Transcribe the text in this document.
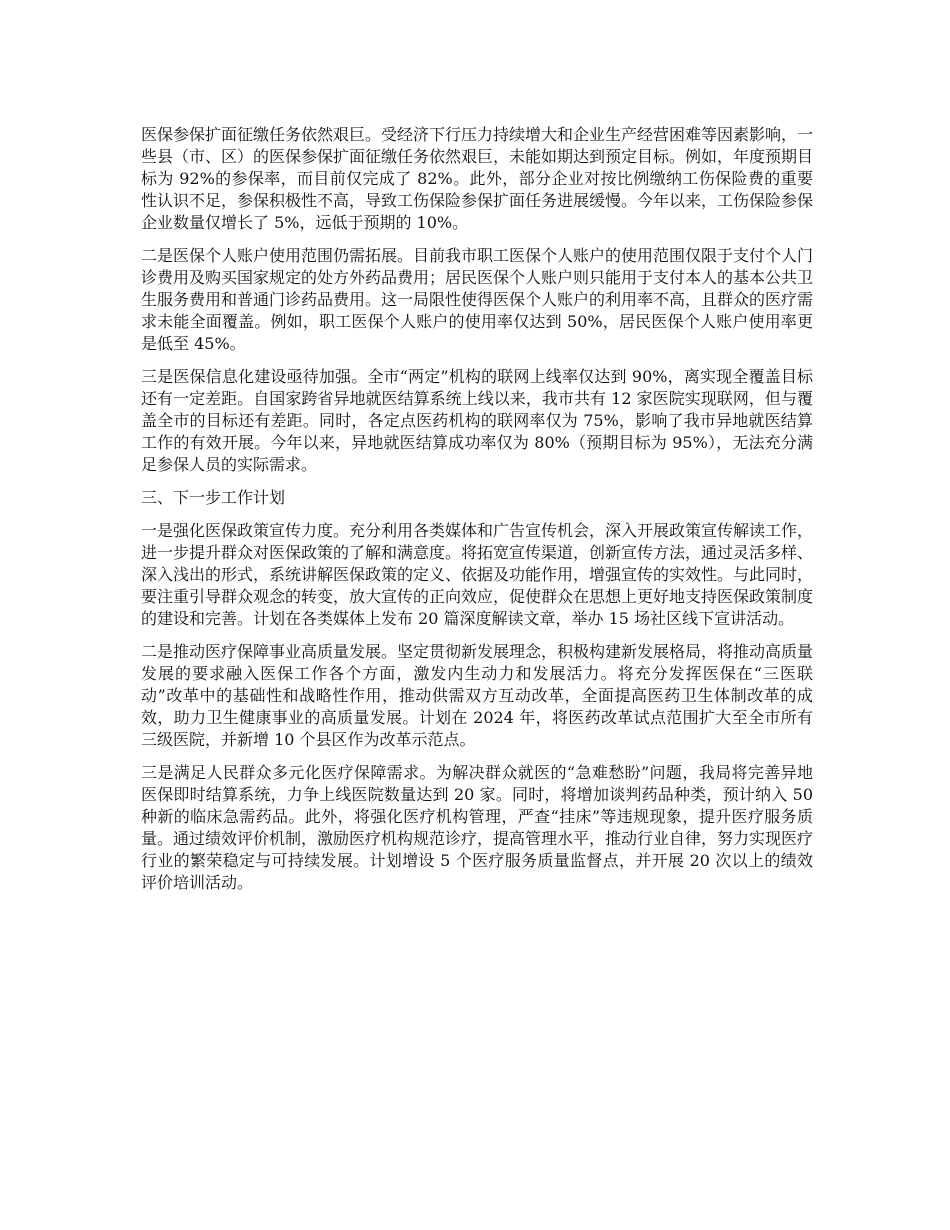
医保参保扩面征缴任务依然艰巨。受经济下行压力持续增大和企业生产经营困难等因素影响，一些县（市、区）的医保参保扩面征缴任务依然艰巨，未能如期达到预定目标。例如，年度预期目标为 92%的参保率，而目前仅完成了 82%。此外，部分企业对按比例缴纳工伤保险费的重要性认识不足，参保积极性不高，导致工伤保险参保扩面任务进展缓慢。今年以来，工伤保险参保企业数量仅增长了 5%，远低于预期的 10%。

二是医保个人账户使用范围仍需拓展。目前我市职工医保个人账户的使用范围仅限于支付个人门诊费用及购买国家规定的处方外药品费用；居民医保个人账户则只能用于支付本人的基本公共卫生服务费用和普通门诊药品费用。这一局限性使得医保个人账户的利用率不高，且群众的医疗需求未能全面覆盖。例如，职工医保个人账户的使用率仅达到 50%，居民医保个人账户使用率更是低至 45%。

三是医保信息化建设亟待加强。全市“两定”机构的联网上线率仅达到 90%，离实现全覆盖目标还有一定差距。自国家跨省异地就医结算系统上线以来，我市共有 12 家医院实现联网，但与覆盖全市的目标还有差距。同时，各定点医药机构的联网率仅为 75%，影响了我市异地就医结算工作的有效开展。今年以来，异地就医结算成功率仅为 80%（预期目标为 95%），无法充分满足参保人员的实际需求。

三、下一步工作计划

一是强化医保政策宣传力度。充分利用各类媒体和广告宣传机会，深入开展政策宣传解读工作，进一步提升群众对医保政策的了解和满意度。将拓宽宣传渠道，创新宣传方法，通过灵活多样、深入浅出的形式，系统讲解医保政策的定义、依据及功能作用，增强宣传的实效性。与此同时，要注重引导群众观念的转变，放大宣传的正向效应，促使群众在思想上更好地支持医保政策制度的建设和完善。计划在各类媒体上发布 20 篇深度解读文章，举办 15 场社区线下宣讲活动。

二是推动医疗保障事业高质量发展。坚定贯彻新发展理念，积极构建新发展格局，将推动高质量发展的要求融入医保工作各个方面，激发内生动力和发展活力。将充分发挥医保在“三医联动”改革中的基础性和战略性作用，推动供需双方互动改革，全面提高医药卫生体制改革的成效，助力卫生健康事业的高质量发展。计划在 2024 年，将医药改革试点范围扩大至全市所有三级医院，并新增 10 个县区作为改革示范点。

三是满足人民群众多元化医疗保障需求。为解决群众就医的“急难愁盼”问题，我局将完善异地医保即时结算系统，力争上线医院数量达到 20 家。同时，将增加谈判药品种类，预计纳入 50 种新的临床急需药品。此外，将强化医疗机构管理，严查“挂床”等违规现象，提升医疗服务质量。通过绩效评价机制，激励医疗机构规范诊疗，提高管理水平，推动行业自律，努力实现医疗行业的繁荣稳定与可持续发展。计划增设 5 个医疗服务质量监督点，并开展 20 次以上的绩效评价培训活动。
